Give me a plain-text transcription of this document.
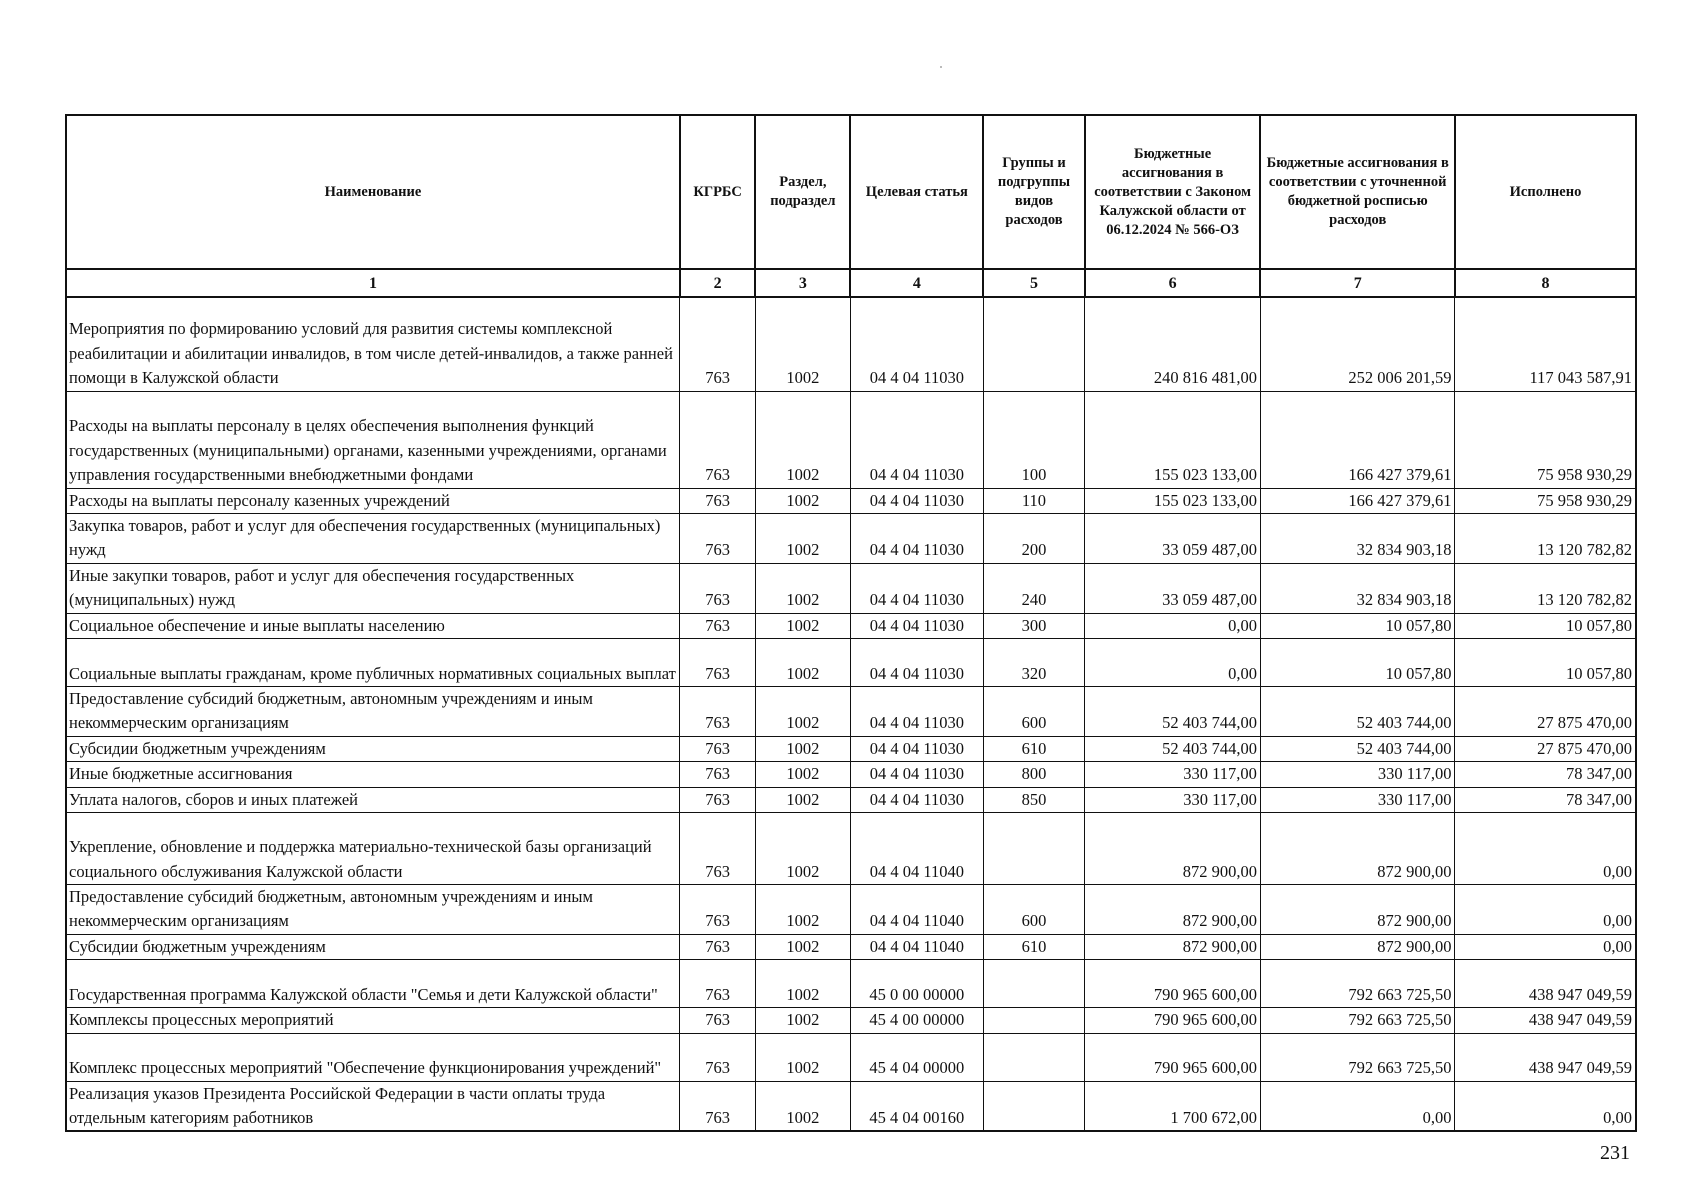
Наименование	КГРБС	Раздел, подраздел	Целевая статья	Группы и подгруппы видов расходов	Бюджетные ассигнования в соответствии с Законом Калужской области от 06.12.2024 № 566-ОЗ	Бюджетные ассигнования в соответствии с уточненной бюджетной росписью расходов	Исполнено
1	2	3	4	5	6	7	8
Мероприятия по формированию условий для развития системы комплексной реабилитации и абилитации инвалидов, в том числе детей-инвалидов, а также ранней помощи в Калужской области	763	1002	04 4 04 11030		240 816 481,00	252 006 201,59	117 043 587,91
Расходы на выплаты персоналу в целях обеспечения выполнения функций государственных (муниципальными) органами, казенными учреждениями, органами управления государственными внебюджетными фондами	763	1002	04 4 04 11030	100	155 023 133,00	166 427 379,61	75 958 930,29
Расходы на выплаты персоналу казенных учреждений	763	1002	04 4 04 11030	110	155 023 133,00	166 427 379,61	75 958 930,29
Закупка товаров, работ и услуг для обеспечения государственных (муниципальных) нужд	763	1002	04 4 04 11030	200	33 059 487,00	32 834 903,18	13 120 782,82
Иные закупки товаров, работ и услуг для обеспечения государственных (муниципальных) нужд	763	1002	04 4 04 11030	240	33 059 487,00	32 834 903,18	13 120 782,82
Социальное обеспечение и иные выплаты населению	763	1002	04 4 04 11030	300	0,00	10 057,80	10 057,80
Социальные выплаты гражданам, кроме публичных нормативных социальных выплат	763	1002	04 4 04 11030	320	0,00	10 057,80	10 057,80
Предоставление субсидий бюджетным, автономным учреждениям и иным некоммерческим организациям	763	1002	04 4 04 11030	600	52 403 744,00	52 403 744,00	27 875 470,00
Субсидии бюджетным учреждениям	763	1002	04 4 04 11030	610	52 403 744,00	52 403 744,00	27 875 470,00
Иные бюджетные ассигнования	763	1002	04 4 04 11030	800	330 117,00	330 117,00	78 347,00
Уплата налогов, сборов и иных платежей	763	1002	04 4 04 11030	850	330 117,00	330 117,00	78 347,00
Укрепление, обновление и поддержка материально-технической базы организаций социального обслуживания Калужской области	763	1002	04 4 04 11040		872 900,00	872 900,00	0,00
Предоставление субсидий бюджетным, автономным учреждениям и иным некоммерческим организациям	763	1002	04 4 04 11040	600	872 900,00	872 900,00	0,00
Субсидии бюджетным учреждениям	763	1002	04 4 04 11040	610	872 900,00	872 900,00	0,00
Государственная программа Калужской области "Семья и дети Калужской области"	763	1002	45 0 00 00000		790 965 600,00	792 663 725,50	438 947 049,59
Комплексы процессных мероприятий	763	1002	45 4 00 00000		790 965 600,00	792 663 725,50	438 947 049,59
Комплекс процессных мероприятий "Обеспечение функционирования учреждений"	763	1002	45 4 04 00000		790 965 600,00	792 663 725,50	438 947 049,59
Реализация указов Президента Российской Федерации в части оплаты труда отдельным категориям работников	763	1002	45 4 04 00160		1 700 672,00	0,00	0,00
231
